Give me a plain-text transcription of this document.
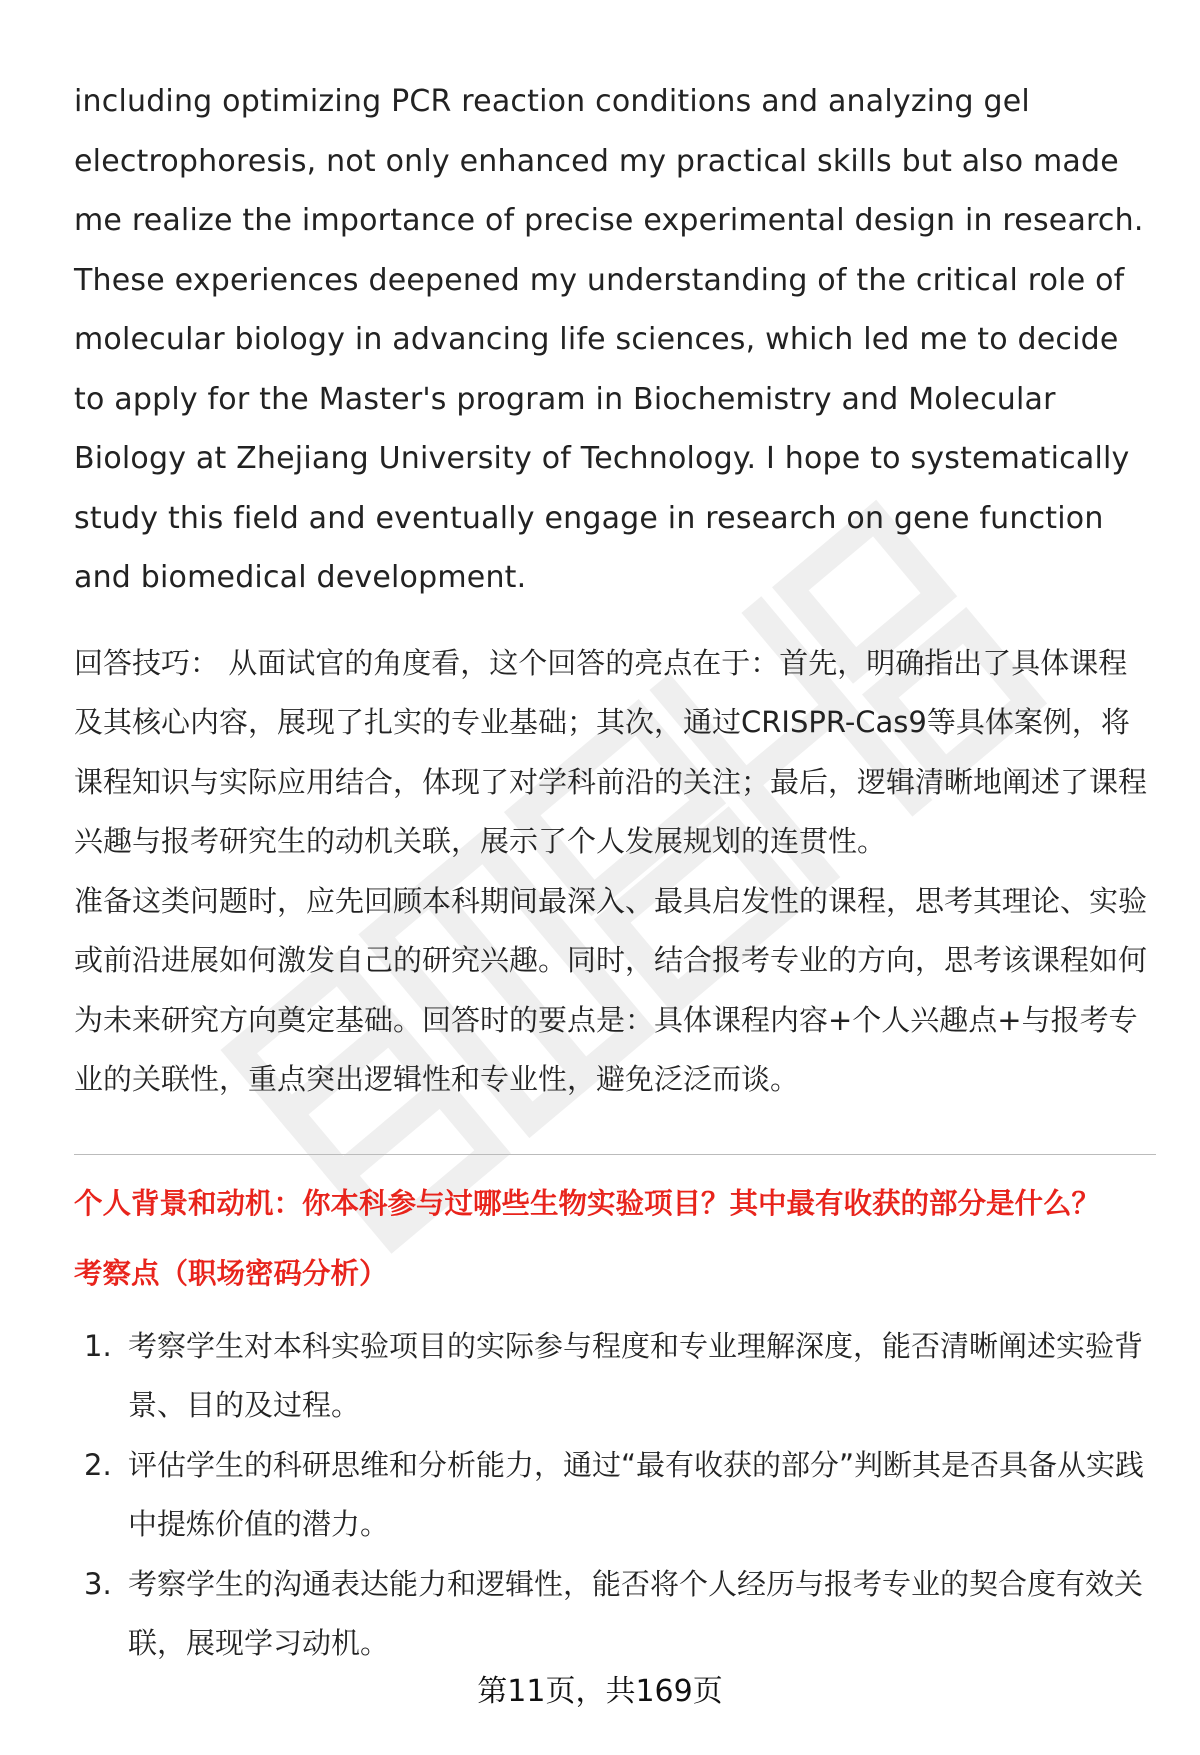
including optimizing PCR reaction conditions and analyzing gel electrophoresis, not only enhanced my practical skills but also made me realize the importance of precise experimental design in research. These experiences deepened my understanding of the critical role of molecular biology in advancing life sciences, which led me to decide to apply for the Master's program in Biochemistry and Molecular Biology at Zhejiang University of Technology. I hope to systematically study this field and eventually engage in research on gene function and biomedical development.

回答技巧： 从面试官的角度看，这个回答的亮点在于：首先，明确指出了具体课程及其核心内容，展现了扎实的专业基础；其次，通过CRISPR-Cas9等具体案例，将课程知识与实际应用结合，体现了对学科前沿的关注；最后，逻辑清晰地阐述了课程兴趣与报考研究生的动机关联，展示了个人发展规划的连贯性。

准备这类问题时，应先回顾本科期间最深入、最具启发性的课程，思考其理论、实验或前沿进展如何激发自己的研究兴趣。同时，结合报考专业的方向，思考该课程如何为未来研究方向奠定基础。回答时的要点是：具体课程内容+个人兴趣点+与报考专业的关联性，重点突出逻辑性和专业性，避免泛泛而谈。

个人背景和动机：你本科参与过哪些生物实验项目？其中最有收获的部分是什么？
考察点（职场密码分析）
1. 考察学生对本科实验项目的实际参与程度和专业理解深度，能否清晰阐述实验背景、目的及过程。
2. 评估学生的科研思维和分析能力，通过“最有收获的部分”判断其是否具备从实践中提炼价值的潜力。
3. 考察学生的沟通表达能力和逻辑性，能否将个人经历与报考专业的契合度有效关联，展现学习动机。
第11页，共169页
